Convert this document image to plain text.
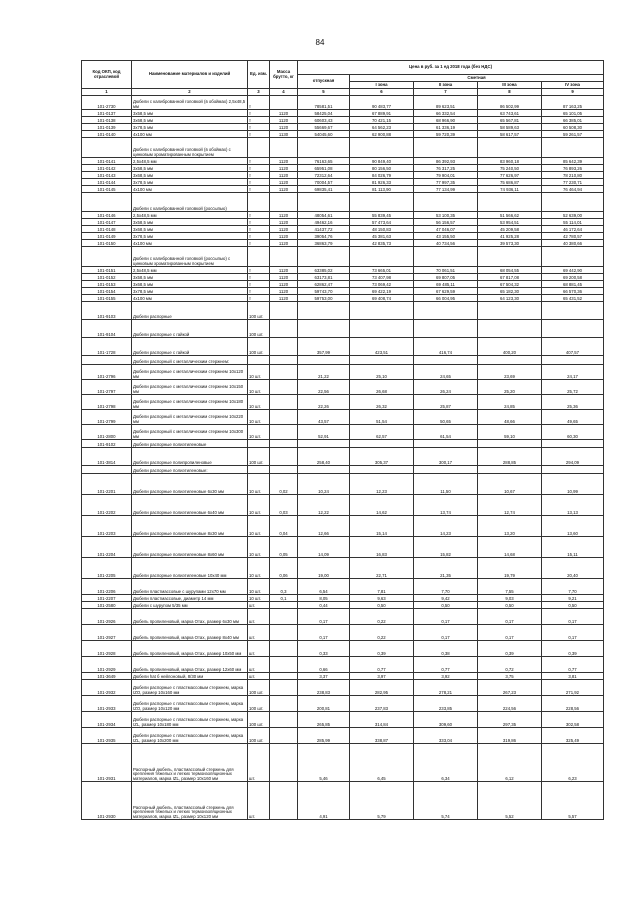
84
Код ОКП, код отраслевой	Наименование материалов и изделий	Ед. изм.	Масса брутто, кг	Цена в руб. за 1 ед 2018 года (без НДС)				
				отпускная	Сметная			
					I зона	II зона	III зона	IV зона
1	2	3	4	5	6	7	8	9
101-2730	Дюбели с калиброванной головкой (в обоймах) 2,5х48,5 мм	т		78581,51	90 483,77	89 623,51	86 502,99	87 163,25
101-0137	3х58,5 мм	т	1120	58425,04	67 889,91	66 332,54	63 743,61	65 101,05
101-0138	3х68,5 мм	т	1120	60603,43	70 421,15	68 966,90	65 567,81	66 385,01
101-0139	3х78,5 мм	т	1120	55669,67	64 562,23	61 336,19	58 589,63	60 508,30
101-0140	4х100 мм	т	1130	54045,60	62 900,88	59 720,39	58 617,57	59 261,57
	Дюбели с калиброванной головкой (в обоймах) с цинковым хроматированным покрытием							
101-0141	2,5х48,5 мм	т	1120	76163,65	90 849,40	86 392,93	83 960,18	85 642,39
101-0142	3х58,5 мм	т	1120	65951,08	80 156,50	76 317,25	75 240,50	76 893,26
101-0143	3х68,5 мм	т	1120	72312,64	84 026,79	79 904,01	77 626,97	78 210,80
101-0144	3х78,5 мм	т	1120	70004,57	81 926,33	77 997,35	75 686,87	77 230,71
101-0145	4х100 мм	т	1120	69835,41	81 113,90	77 134,99	74 936,11	76 464,94
	Дюбели с калиброванной головкой (россыпью)							
101-0146	2,5х48,5 мм	т	1120	48054,61	55 839,45	53 100,35	51 566,62	52 639,00
101-0147	3х58,5 мм	т	1120	49462,16	57 473,64	56 156,57	53 954,51	55 114,01
101-0148	3х68,5 мм	т	1120	41437,72	48 150,83	47 046,07	45 209,58	46 172,64
101-0149	3х78,5 мм	т	1120	39054,76	45 381,63	43 155,50	41 925,28	42 780,57
101-0150	4х100 мм	т	1120	36863,79	42 835,73	40 734,56	39 573,30	40 380,66
	Дюбели с калиброванной головкой (россыпью) с цинковым хроматированным покрытием							
101-0151	2,5х48,5 мм	т	1120	63385,02	73 665,01	70 061,51	68 054,55	69 442,90
101-0152	3х58,5 мм	т	1120	63173,81	73 407,98	69 807,05	67 817,08	69 200,58
101-0153	3х68,5 мм	т	1120	62862,47	73 069,42	69 485,11	67 504,32	68 881,45
101-0154	3х78,5 мм	т	1120	59743,70	69 422,19	67 629,59	65 182,30	66 570,36
101-0155	4х100 мм	т	1120	59753,00	69 408,74	66 004,95	64 123,30	65 431,52
101-9103	Дюбели распорные	100 шт.						
101-9104	Дюбели распорные с гайкой	100 шт.						
101-1728	Дюбели распорные с гайкой	100 шт.		357,99	423,51	416,74	400,20	407,57
	Дюбели распорный с металлическим стержнем:							
101-2796	Дюбели распорные с металлическим стержнем 10х120 мм	10 шт.		21,22	25,10	24,65	23,69	24,17
101-2797	Дюбели распорные с металлическим стержнем 10х150 мм	10 шт.		22,56	26,68	26,24	25,20	25,72
101-2798	Дюбели распорные с металлическим стержнем 10х180 мм	10 шт.		22,26	26,32	25,87	24,85	25,36
101-2799	Дюбели распорный с металлическим стержнем 10х220 мм	10 шт.		43,57	51,54	50,65	48,66	49,65
101-2800	Дюбели распорный с металлическим стержнем 10х300 мм	10 шт.		52,91	62,57	61,54	59,10	60,30
101-9102	Дюбели распорные полиэтиленовые							
101-3814	Дюбели распорные полипропиленовые	100 шт.		258,40	305,37	300,17	288,85	294,09
	Дюбели распорные полиэтиленовые:							
101-2201	Дюбели распорные полиэтиленовые 6х30 мм	10 шт.	0,02	10,24	12,23	11,50	10,67	10,99
101-2202	Дюбели распорные полиэтиленовые 6х40 мм	10 шт.	0,03	12,22	14,62	13,74	12,74	13,13
101-2203	Дюбели распорные полиэтиленовые 8х30 мм	10 шт.	0,04	12,66	15,14	14,23	13,20	13,60
101-2204	Дюбели распорные полиэтиленовые 8х60 мм	10 шт.	0,05	14,09	16,83	15,82	14,68	15,11
101-2205	Дюбели распорные полиэтиленовые 10х40 мм	10 шт.	0,06	19,00	22,71	21,35	19,79	20,40
101-2206	Дюбели пластмассовые с шурупами 12х70 мм	10 шт.	0,3	6,54	7,81	7,70	7,55	7,70
101-2207	Дюбели пластмассовые, диаметр 14 мм	10 шт.	0,1	8,05	9,63	9,42	9,03	9,21
101-2580	Дюбели с шурупом 5/35 мм	шт.		0,44	0,50	0,50	0,50	0,50
101-2926	Дюбель пропиленовый, марка Отах, размер 6х30 мм	шт.		0,17	0,22	0,17	0,17	0,17
101-2927	Дюбель пропиленовый, марка Отах, размер 8х40 мм	шт.		0,17	0,22	0,17	0,17	0,17
101-2928	Дюбель пропиленовый, марка Отах, размер 10х50 мм	шт.		0,33	0,39	0,38	0,39	0,39
101-2929	Дюбель пропиленовый, марка Отах, размер 12х60 мм	шт.		0,66	0,77	0,77	0,72	0,77
101-3649	Дюбели hat б нейлоновый, 8/30 мм	шт.		3,37	3,97	3,92	3,75	3,81
101-2932	Дюбели распорные с пластмассовым стержнем, марка IZO, размер 10х160 мм	100 шт.		238,83	282,95	278,21	267,23	271,92
101-2933	Дюбели распорные с пластмассовым стержнем, марка IZO, размер 10х120 мм	100 шт.		200,81	237,83	233,85	224,56	228,56
101-2934	Дюбели распорные с пластмассовым стержнем, марка IZL, размер 10х180 мм	100 шт.		265,85	314,84	309,60	297,35	302,58
101-2935	Дюбели распорные с пластмассовым стержнем, марка IZL, размер 10х200 мм	100 шт.		285,99	338,87	333,04	319,86	325,49
101-2931	Распорный дюбель, пластмассовый стержень для крепления тяжелых и легких термоизоляционных материалов, марка IZL, размер 10х160 мм	шт.		5,46	6,45	6,34	6,12	6,23
101-2930	Распорный дюбель, пластмассовый стержень для крепления тяжелых и легких термоизоляционных материалов, марка IZL, размер 10х120 мм	шт.		4,91	5,79	5,74	5,52	5,57
